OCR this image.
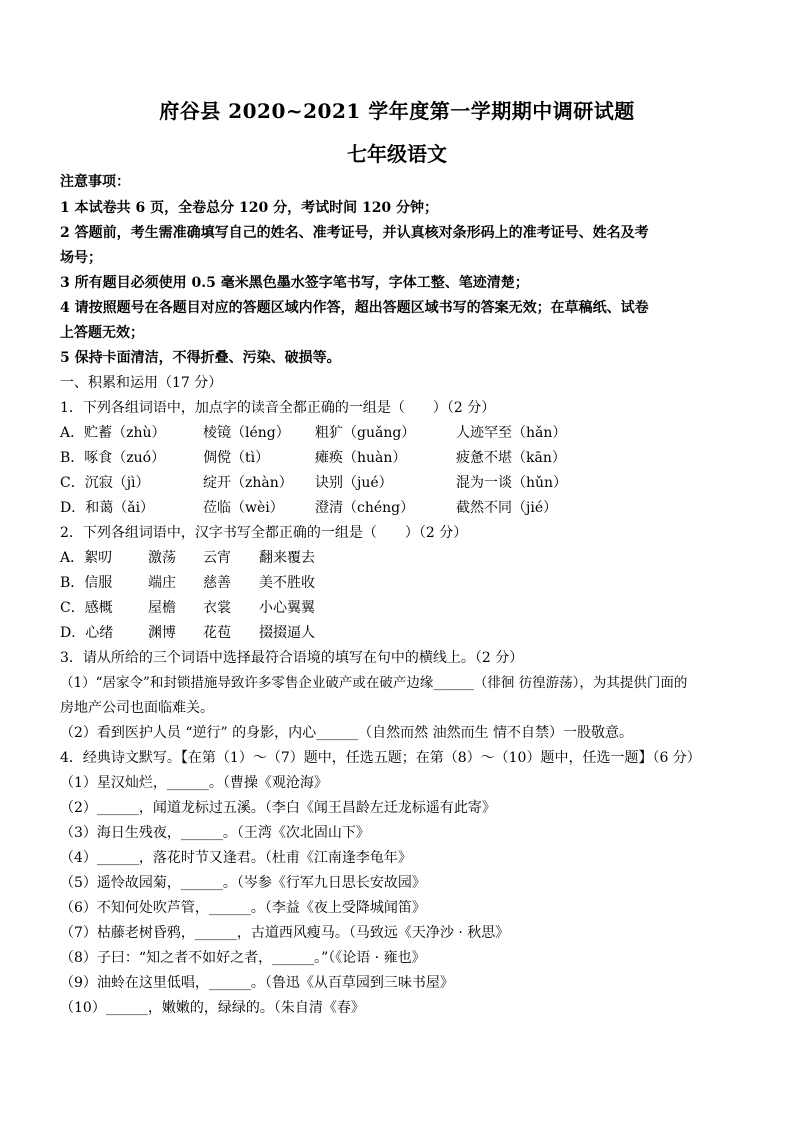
府谷县 2020~2021 学年度第一学期期中调研试题
七年级语文
注意事项：
1 本试卷共 6 页，全卷总分 120 分，考试时间 120 分钟；
2 答题前，考生需准确填写自己的姓名、准考证号，并认真核对条形码上的准考证号、姓名及考
场号；
3 所有题目必须使用 0.5 毫米黑色墨水签字笔书写，字体工整、笔迹清楚；
4 请按照题号在各题目对应的答题区域内作答，超出答题区域书写的答案无效；在草稿纸、试卷
上答题无效；
5 保持卡面清洁，不得折叠、污染、破损等。
一、积累和运用（17 分）
1．下列各组词语中，加点字的读音全都正确的一组是（　　）（2 分）
A．贮蓄（zhù）	棱镜（léng） 粗犷（guǎng）	人迹罕至（hǎn）
B．啄食（zuó）	倜傥（tì）	瘫痪（huàn）	疲惫不堪（kān）
C．沉寂（jì）	绽开（zhàn） 诀别（jué）	混为一谈（hǔn）
D．和蔼（ǎi）	莅临（wèi） 澄清（chéng）	截然不同（jié）
2．下列各组词语中，汉字书写全都正确的一组是（　　）（2 分）
A．絮叨	激荡 云宵 翻来覆去
B．信服	端庄 慈善 美不胜收
C．感概	屋檐 衣裳 小心翼翼
D．心绪 渊博 花苞 掇掇逼人
3．请从所给的三个词语中选择最符合语境的填写在句中的横线上。（2 分）
（1）“居家令”和封锁措施导致许多零售企业破产或在破产边缘______（徘徊 彷徨游荡），为其提供门面的
房地产公司也面临难关。
（2）看到医护人员 “逆行” 的身影，内心______（自然而然 油然而生 情不自禁）一股敬意。
4．经典诗文默写。【在第（1）～（7）题中，任选五题；在第（8）～（10）题中，任选一题】（6 分）
（1）星汉灿烂，______。（曹操《观沧海》
（2）______，闻道龙标过五溪。（李白《闻王昌龄左迁龙标遥有此寄》
（3）海日生残夜，______。（王湾《次北固山下》
（4）______，落花时节又逢君。（杜甫《江南逢李龟年》
（5）遥怜故园菊，______。（岑参《行军九日思长安故园》
（6）不知何处吹芦管，______。（李益《夜上受降城闻笛》
（7）枯藤老树昏鸦，______，古道西风瘦马。（马致远《天净沙 · 秋思》
（8）子曰：“知之者不如好之者，______。”（《论语 · 雍也》
（9）油蛉在这里低唱，______。（鲁迅《从百草园到三味书屋》
（10）______，嫩嫩的，绿绿的。（朱自清《春》
